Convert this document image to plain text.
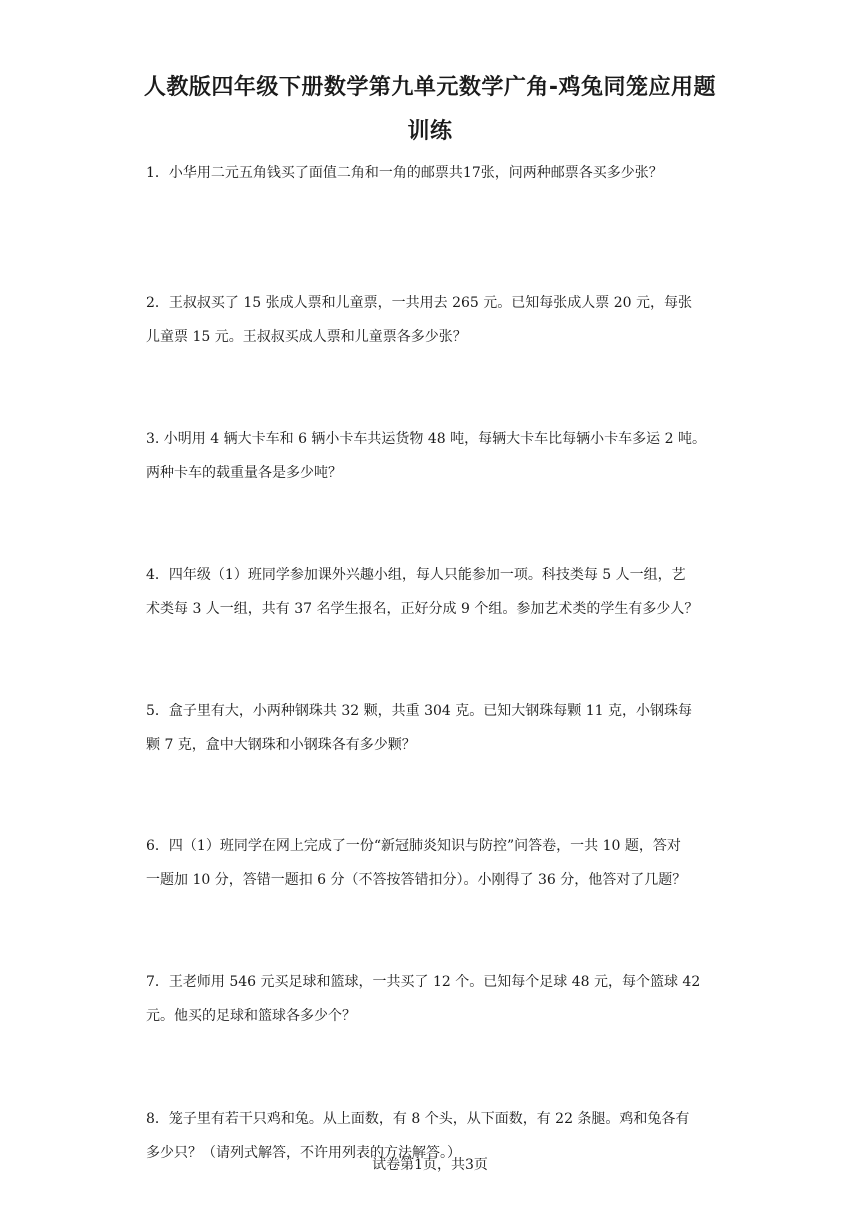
人教版四年级下册数学第九单元数学广角-鸡兔同笼应用题
训练
1．小华用二元五角钱买了面值二角和一角的邮票共17张，问两种邮票各买多少张？
2．王叔叔买了 15 张成人票和儿童票，一共用去 265 元。已知每张成人票 20 元，每张
儿童票 15 元。王叔叔买成人票和儿童票各多少张？
3. 小明用 4 辆大卡车和 6 辆小卡车共运货物 48 吨，每辆大卡车比每辆小卡车多运 2 吨。
两种卡车的载重量各是多少吨？
4．四年级（1）班同学参加课外兴趣小组，每人只能参加一项。科技类每 5 人一组，艺
术类每 3 人一组，共有 37 名学生报名，正好分成 9 个组。参加艺术类的学生有多少人？
5．盒子里有大，小两种钢珠共 32 颗，共重 304 克。已知大钢珠每颗 11 克，小钢珠每
颗 7 克，盒中大钢珠和小钢珠各有多少颗？
6．四（1）班同学在网上完成了一份“新冠肺炎知识与防控”问答卷，一共 10 题，答对
一题加 10 分，答错一题扣 6 分（不答按答错扣分）。小刚得了 36 分，他答对了几题？
7．王老师用 546 元买足球和篮球，一共买了 12 个。已知每个足球 48 元，每个篮球 42
元。他买的足球和篮球各多少个？
8．笼子里有若干只鸡和兔。从上面数，有 8 个头，从下面数，有 22 条腿。鸡和兔各有
多少只？（请列式解答，不许用列表的方法解答。）
试卷第1页，共3页
